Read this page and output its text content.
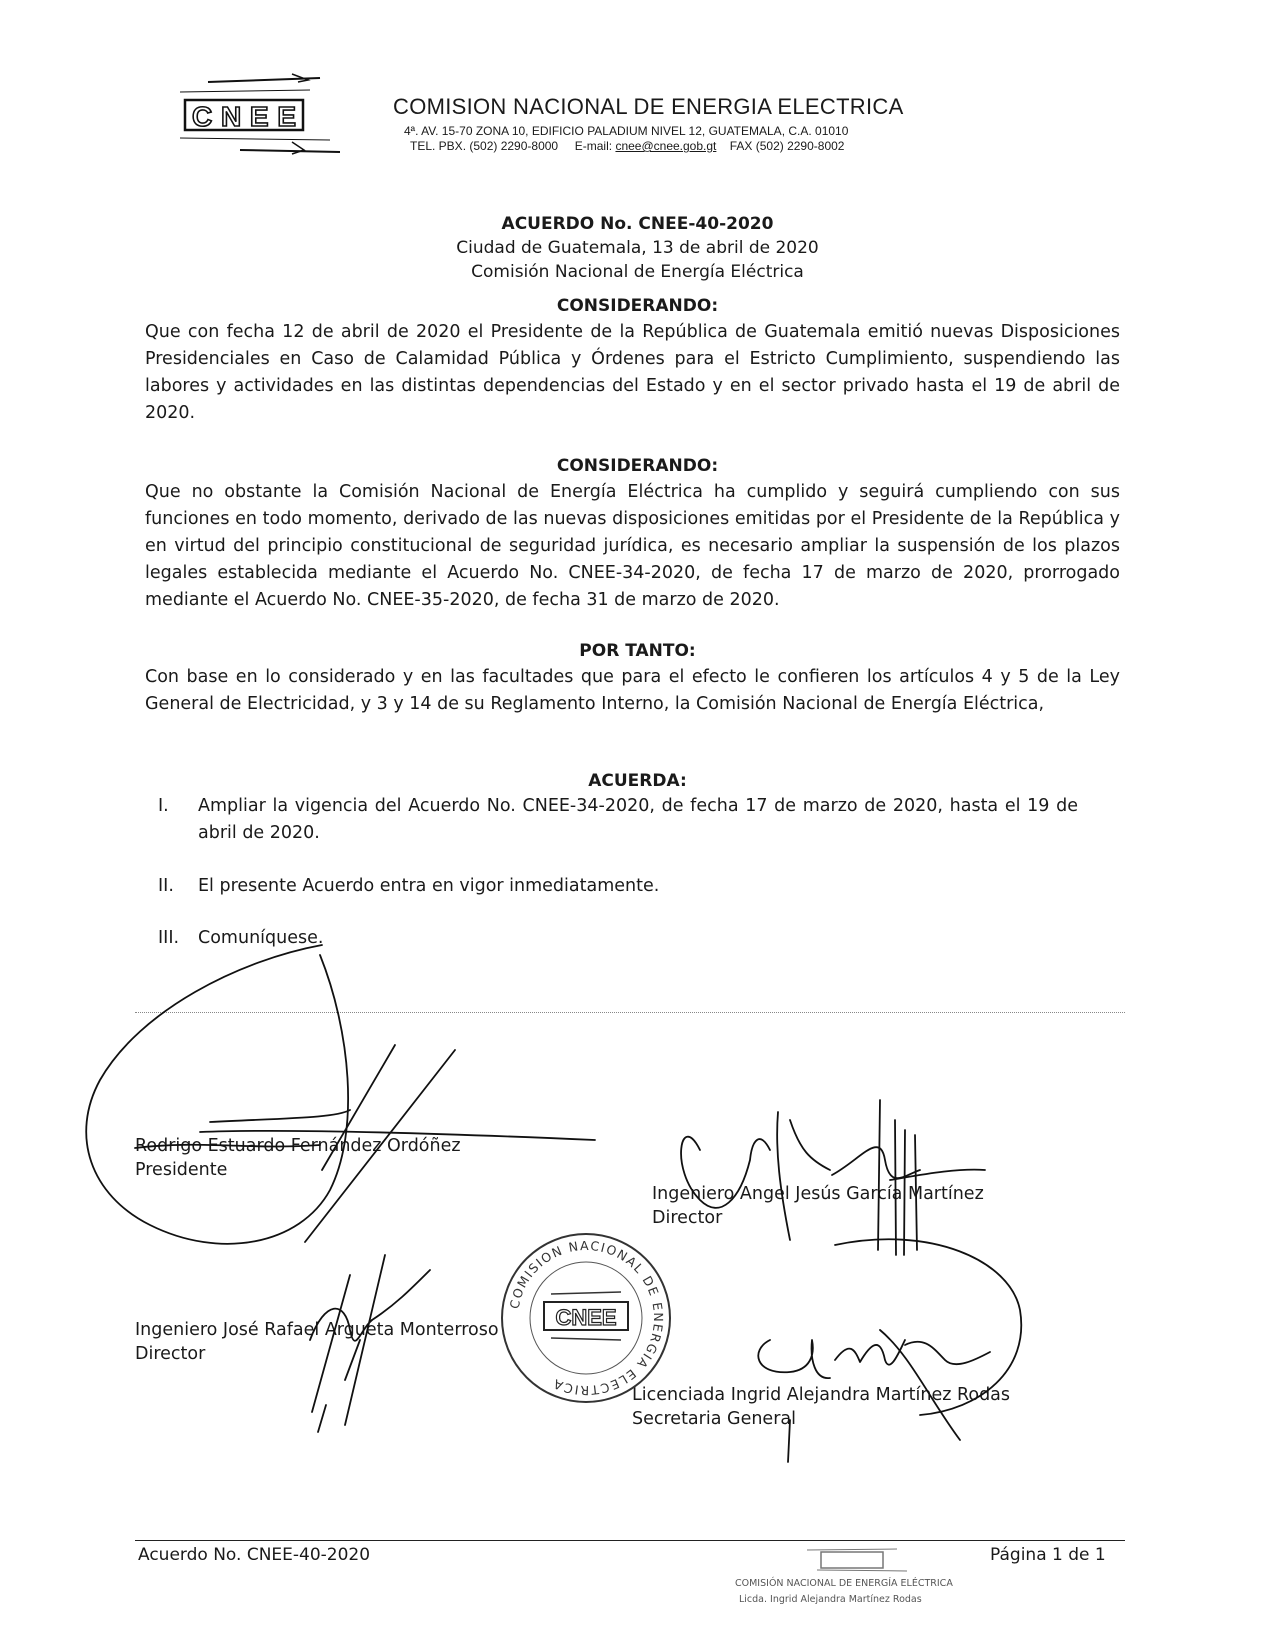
CNEE	COMISION NACIONAL DE ENERGIA ELECTRICA
4ª. AV. 15-70 ZONA 10, EDIFICIO PALADIUM NIVEL 12, GUATEMALA, C.A. 01010
TEL. PBX. (502) 2290-8000 E-mail: cnee@cnee.gob.gt FAX (502) 2290-8002
ACUERDO No. CNEE-40-2020
Ciudad de Guatemala, 13 de abril de 2020
Comisión Nacional de Energía Eléctrica
CONSIDERANDO:
Que con fecha 12 de abril de 2020 el Presidente de la República de Guatemala emitió nuevas Disposiciones Presidenciales en Caso de Calamidad Pública y Órdenes para el Estricto Cumplimiento, suspendiendo las labores y actividades en las distintas dependencias del Estado y en el sector privado hasta el 19 de abril de 2020.
CONSIDERANDO:
Que no obstante la Comisión Nacional de Energía Eléctrica ha cumplido y seguirá cumpliendo con sus funciones en todo momento, derivado de las nuevas disposiciones emitidas por el Presidente de la República y en virtud del principio constitucional de seguridad jurídica, es necesario ampliar la suspensión de los plazos legales establecida mediante el Acuerdo No. CNEE-34-2020, de fecha 17 de marzo de 2020, prorrogado mediante el Acuerdo No. CNEE-35-2020, de fecha 31 de marzo de 2020.
POR TANTO:
Con base en lo considerado y en las facultades que para el efecto le confieren los artículos 4 y 5 de la Ley General de Electricidad, y 3 y 14 de su Reglamento Interno, la Comisión Nacional de Energía Eléctrica,
ACUERDA:
I.	Ampliar la vigencia del Acuerdo No. CNEE-34-2020, de fecha 17 de marzo de 2020, hasta el 19 de abril de 2020.
II.	El presente Acuerdo entra en vigor inmediatamente.
III.	Comuníquese.
Rodrigo Estuardo Fernández Ordóñez
Presidente
Ingeniero Angel Jesús García Martínez
Director
Ingeniero José Rafael Argueta Monterroso
Director
Licenciada Ingrid Alejandra Martínez Rodas
Secretaria General
COMISION NACIONAL DE ENERGIA ELECTRICA
CNEE
Acuerdo No. CNEE-40-2020	Página 1 de 1
COMISIÓN NACIONAL DE ENERGÍA ELÉCTRICA
Licda. Ingrid Alejandra Martínez Rodas
